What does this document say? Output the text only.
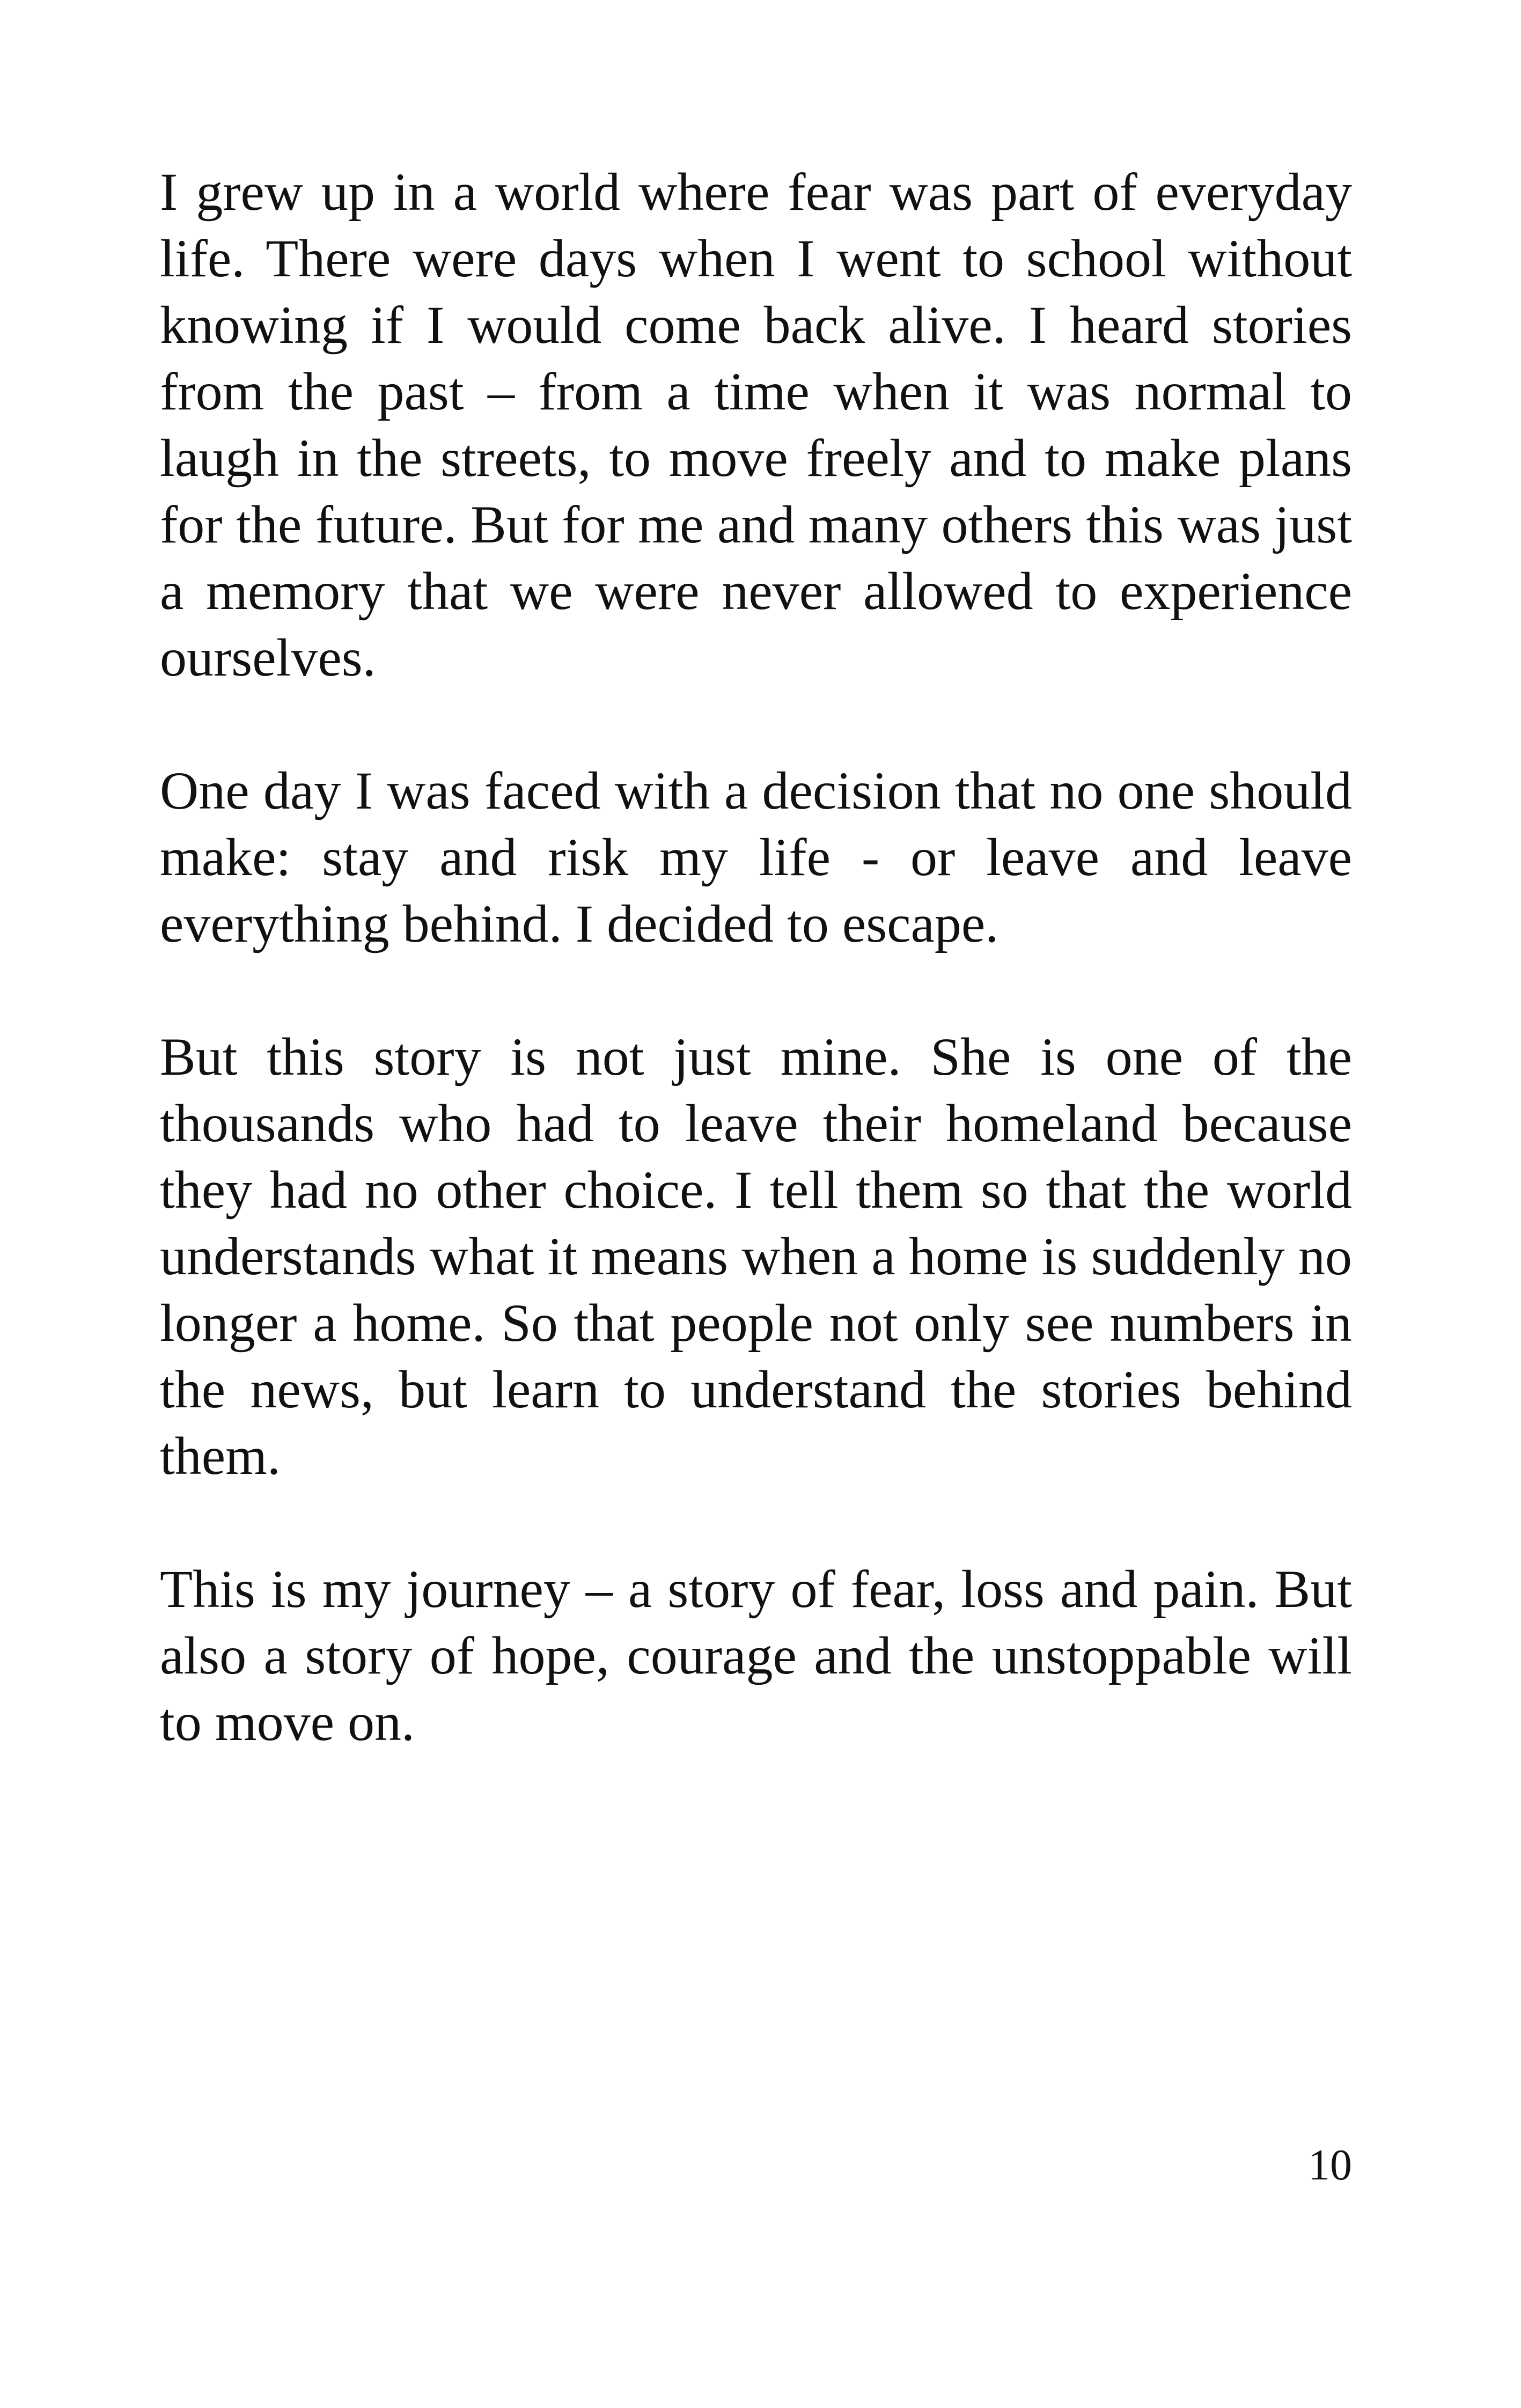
I grew up in a world where fear was part of everyday life. There were days when I went to school without knowing if I would come back alive. I heard stories from the past – from a time when it was normal to laugh in the streets, to move freely and to make plans for the future. But for me and many others this was just a memory that we were never allowed to experience ourselves.

One day I was faced with a decision that no one should make: stay and risk my life - or leave and leave everything behind. I decided to escape.

But this story is not just mine. She is one of the thousands who had to leave their homeland because they had no other choice. I tell them so that the world understands what it means when a home is suddenly no longer a home. So that people not only see numbers in the news, but learn to understand the stories behind them.

This is my journey – a story of fear, loss and pain. But also a story of hope, courage and the unstoppable will to move on.

10
